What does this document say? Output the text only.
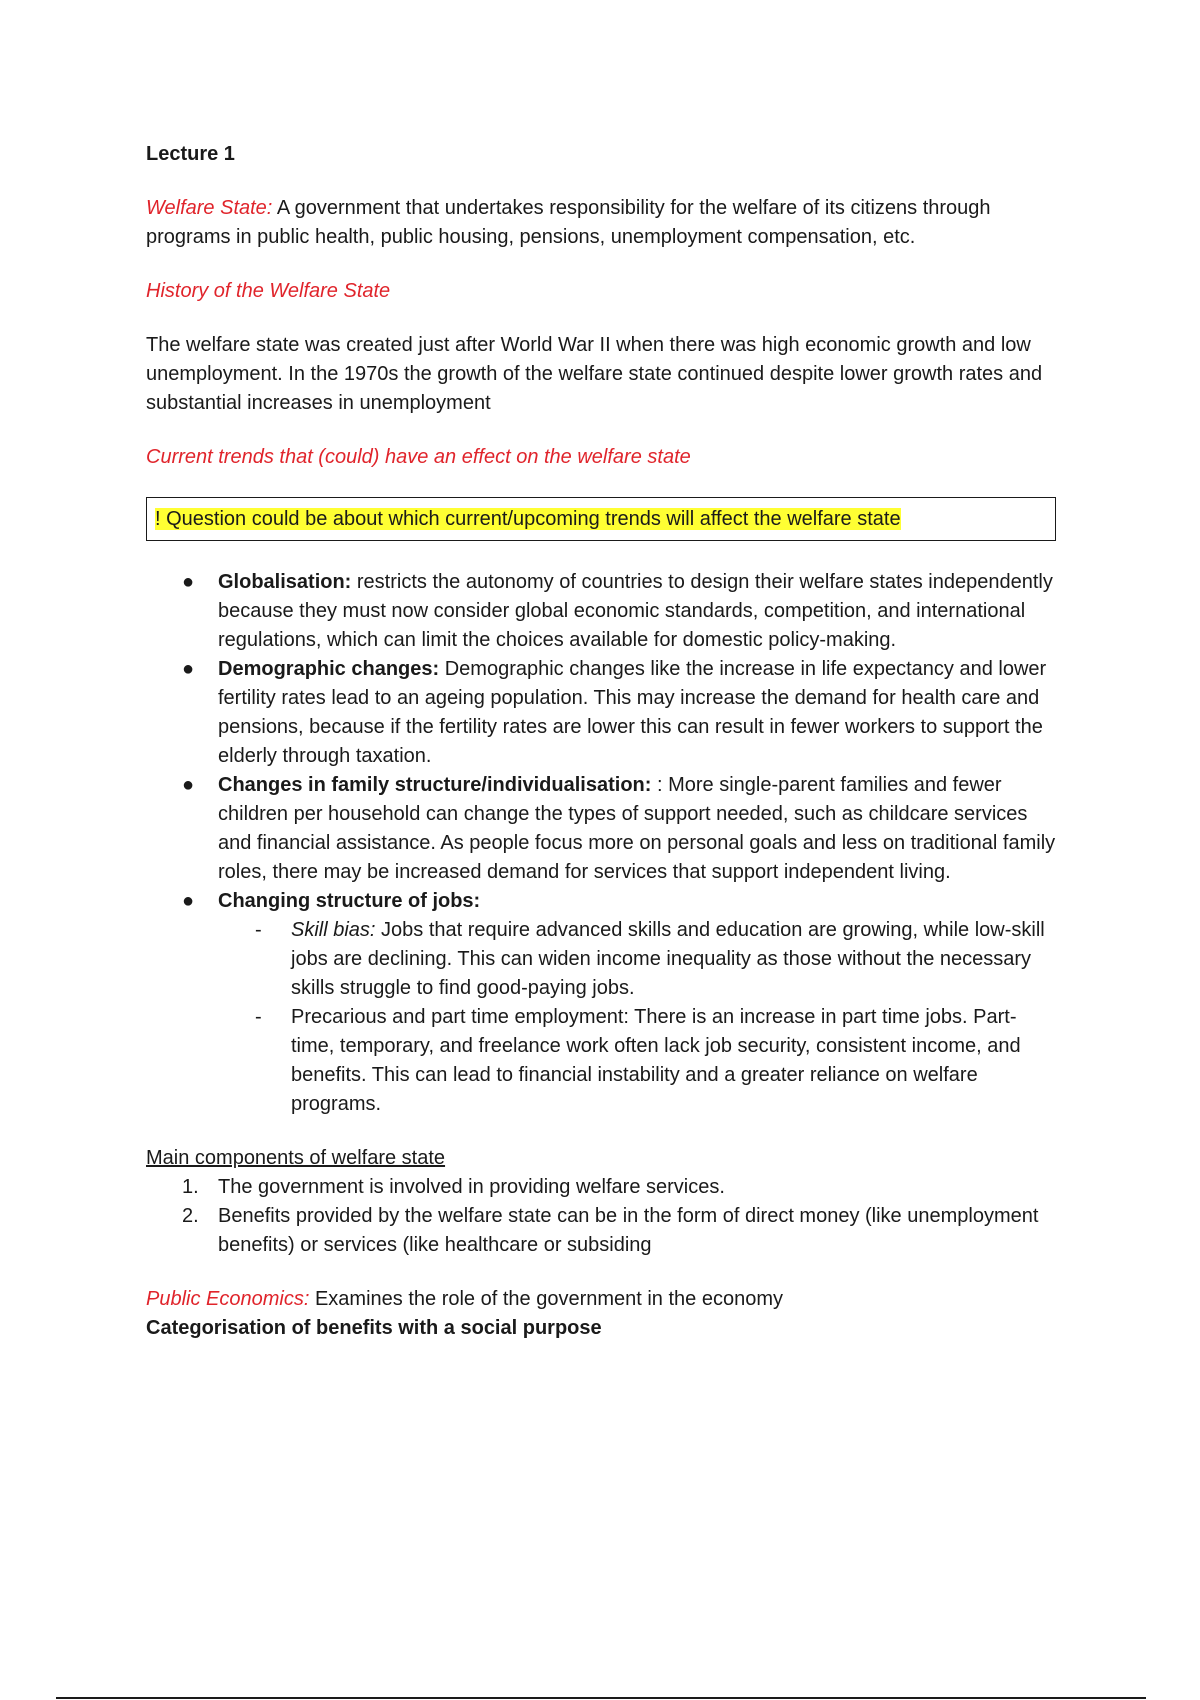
Lecture 1

Welfare State: A government that undertakes responsibility for the welfare of its citizens through programs in public health, public housing, pensions, unemployment compensation, etc.

History of the Welfare State

The welfare state was created just after World War II when there was high economic growth and low unemployment. In the 1970s the growth of the welfare state continued despite lower growth rates and substantial increases in unemployment

Current trends that (could) have an effect on the welfare state

! Question could be about which current/upcoming trends will affect the welfare state
● Globalisation: restricts the autonomy of countries to design their welfare states independently because they must now consider global economic standards, competition, and international regulations, which can limit the choices available for domestic policy-making.
● Demographic changes: Demographic changes like the increase in life expectancy and lower fertility rates lead to an ageing population. This may increase the demand for health care and pensions, because if the fertility rates are lower this can result in fewer workers to support the elderly through taxation.
● Changes in family structure/individualisation: : More single-parent families and fewer children per household can change the types of support needed, such as childcare services and financial assistance. As people focus more on personal goals and less on traditional family roles, there may be increased demand for services that support independent living.
● Changing structure of jobs:
- Skill bias: Jobs that require advanced skills and education are growing, while low-skill jobs are declining. This can widen income inequality as those without the necessary skills struggle to find good-paying jobs.
- Precarious and part time employment: There is an increase in part time jobs. Part-time, temporary, and freelance work often lack job security, consistent income, and benefits. This can lead to financial instability and a greater reliance on welfare programs.

Main components of welfare state

1. The government is involved in providing welfare services.
2. Benefits provided by the welfare state can be in the form of direct money (like unemployment benefits) or services (like healthcare or subsiding

Public Economics: Examines the role of the government in the economy

Categorisation of benefits with a social purpose
